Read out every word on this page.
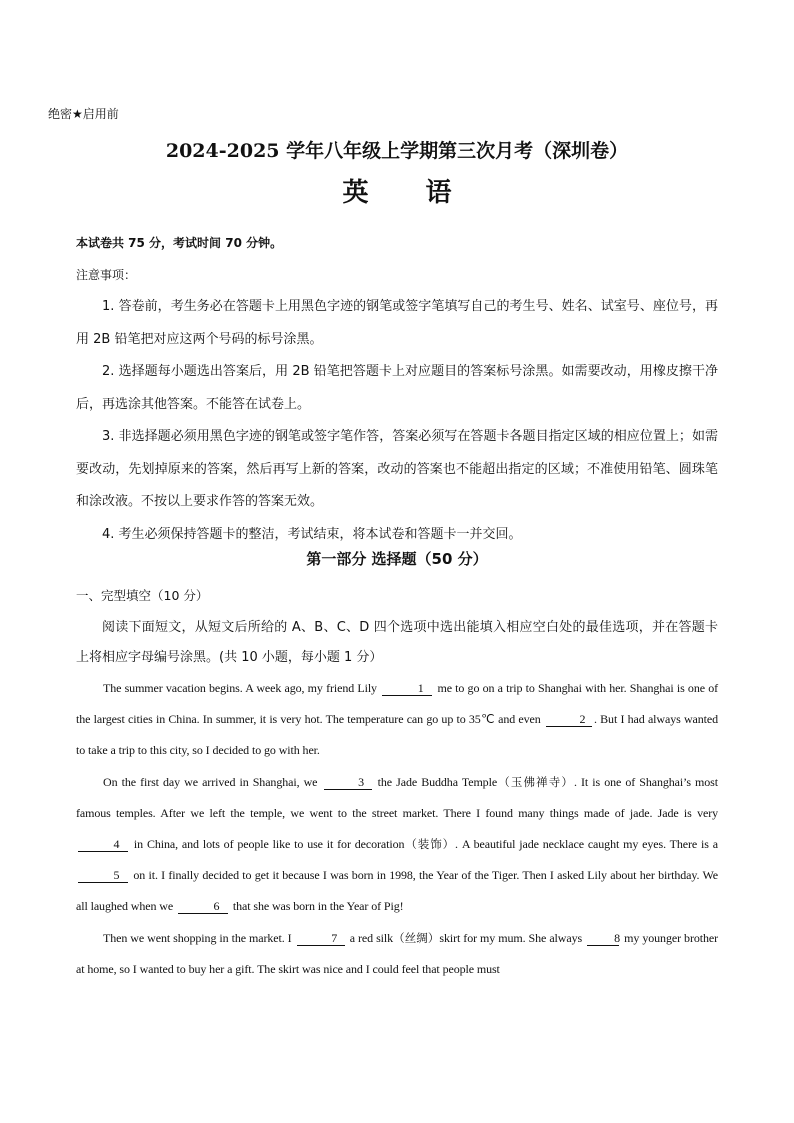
绝密★启用前
2024-2025 学年八年级上学期第三次月考（深圳卷）
英 语
本试卷共 75 分，考试时间 70 分钟。
注意事项：

1. 答卷前，考生务必在答题卡上用黑色字迹的钢笔或签字笔填写自己的考生号、姓名、试室号、座位号，再用 2B 铅笔把对应这两个号码的标号涂黑。

2. 选择题每小题选出答案后，用 2B 铅笔把答题卡上对应题目的答案标号涂黑。如需要改动，用橡皮擦干净后，再选涂其他答案。不能答在试卷上。

3. 非选择题必须用黑色字迹的钢笔或签字笔作答，答案必须写在答题卡各题目指定区域的相应位置上；如需要改动，先划掉原来的答案，然后再写上新的答案，改动的答案也不能超出指定的区域；不准使用铅笔、圆珠笔和涂改液。不按以上要求作答的答案无效。

4. 考生必须保持答题卡的整洁，考试结束，将本试卷和答题卡一并交回。

第一部分 选择题（50 分）
一、完型填空（10 分）

阅读下面短文，从短文后所给的 A、B、C、D 四个选项中选出能填入相应空白处的最佳选项，并在答题卡上将相应字母编号涂黑。(共 10 小题，每小题 1 分）

The summer vacation begins. A week ago, my friend Lily	1 me to go on a trip to Shanghai with her. Shanghai is one of the largest cities in China. In summer, it is very hot. The temperature can go up to 35℃ and even	2 . But I had always wanted to take a trip to this city, so I decided to go with her.

On the first day we arrived in Shanghai, we	3 the Jade Buddha Temple（玉佛禅寺）. It is one of Shanghai’s most famous temples. After we left the temple, we went to the street market. There I found many things made of jade. Jade is very 4 in China, and lots of people like to use it for decoration（装饰）. A beautiful jade necklace caught my eyes. There is a 5 on it. I finally decided to get it because I was born in 1998, the Year of the Tiger. Then I asked Lily about her birthday. We all laughed when we	6 that she was born in the Year of Pig!

Then we went shopping in the market. I	7 a red silk（丝绸）skirt for my mum. She always	8 my younger brother at home, so I wanted to buy her a gift. The skirt was nice and I could feel that people must
